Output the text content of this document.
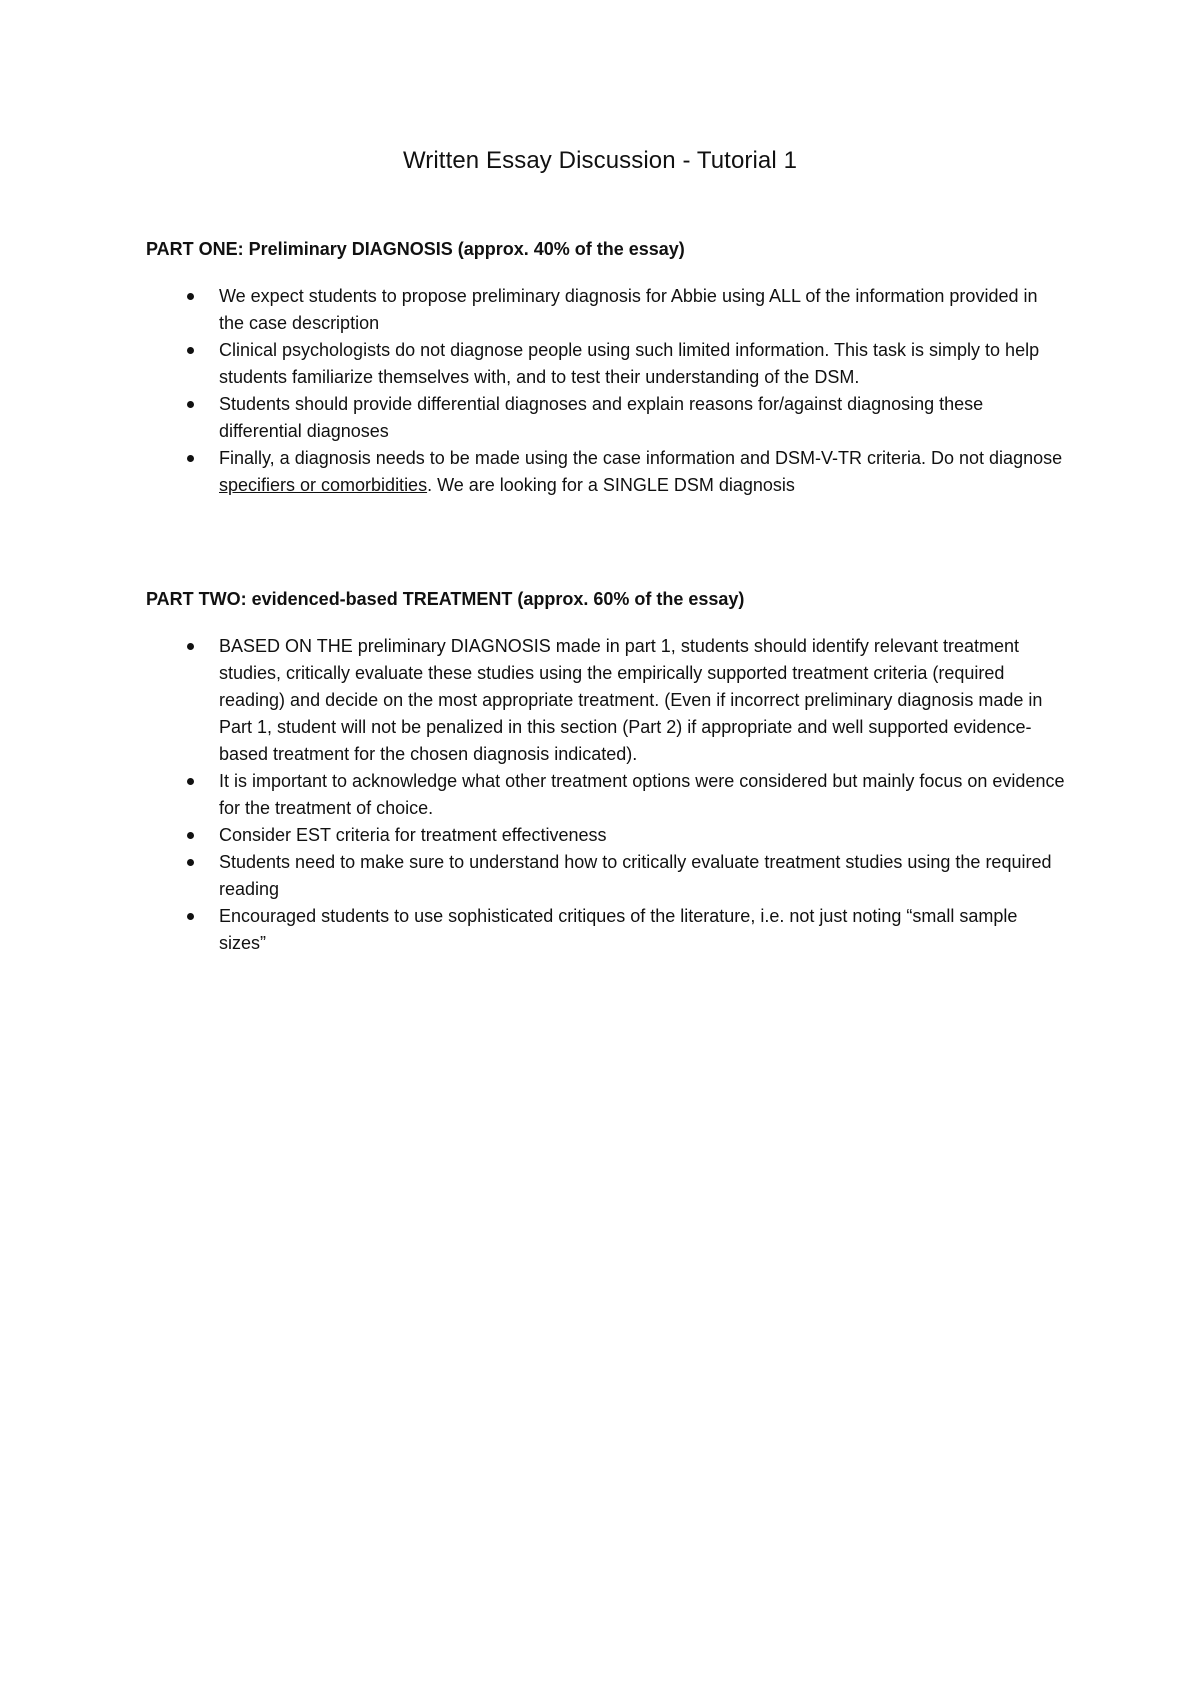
Written Essay Discussion - Tutorial 1

PART ONE: Preliminary DIAGNOSIS (approx. 40% of the essay)

We expect students to propose preliminary diagnosis for Abbie using ALL of the information provided in the case description
Clinical psychologists do not diagnose people using such limited information. This task is simply to help students familiarize themselves with, and to test their understanding of the DSM.
Students should provide differential diagnoses and explain reasons for/against diagnosing these differential diagnoses
Finally, a diagnosis needs to be made using the case information and DSM-V-TR criteria. Do not diagnose specifiers or comorbidities. We are looking for a SINGLE DSM diagnosis

PART TWO: evidenced-based TREATMENT (approx. 60% of the essay)

BASED ON THE preliminary DIAGNOSIS made in part 1, students should identify relevant treatment studies, critically evaluate these studies using the empirically supported treatment criteria (required reading) and decide on the most appropriate treatment. (Even if incorrect preliminary diagnosis made in Part 1, student will not be penalized in this section (Part 2) if appropriate and well supported evidence-based treatment for the chosen diagnosis indicated).
It is important to acknowledge what other treatment options were considered but mainly focus on evidence for the treatment of choice.
Consider EST criteria for treatment effectiveness
Students need to make sure to understand how to critically evaluate treatment studies using the required reading
Encouraged students to use sophisticated critiques of the literature, i.e. not just noting “small sample sizes”
